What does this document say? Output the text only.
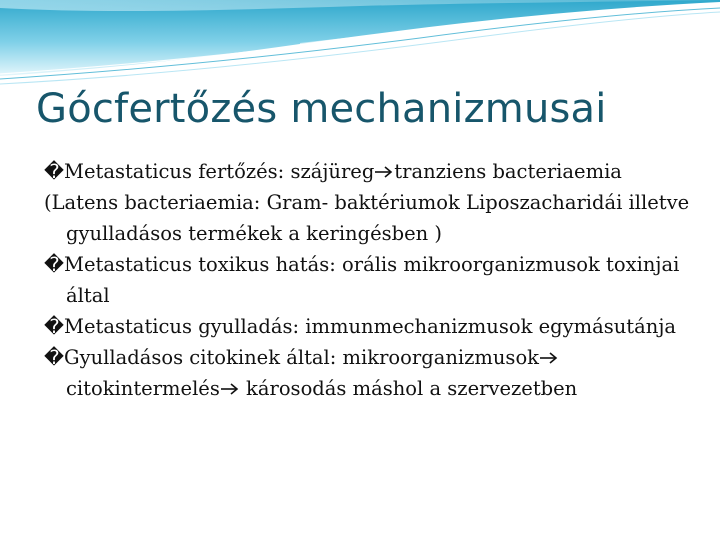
Gócfertőzés mechanizmusai

�Metastaticus fertőzés: szájüreg tranziens bacteriaemia

(Latens bacteriaemia: Gram- baktériumok Liposzacharidái illetve gyulladásos termékek a keringésben )

�Metastaticus toxikus hatás: orális mikroorganizmusok toxinjai által

�Metastaticus gyulladás: immunmechanizmusok egymásutánja

�Gyulladásos citokinek által: mikroorganizmusok
citokintermelés
károsodás máshol a szervezetben
